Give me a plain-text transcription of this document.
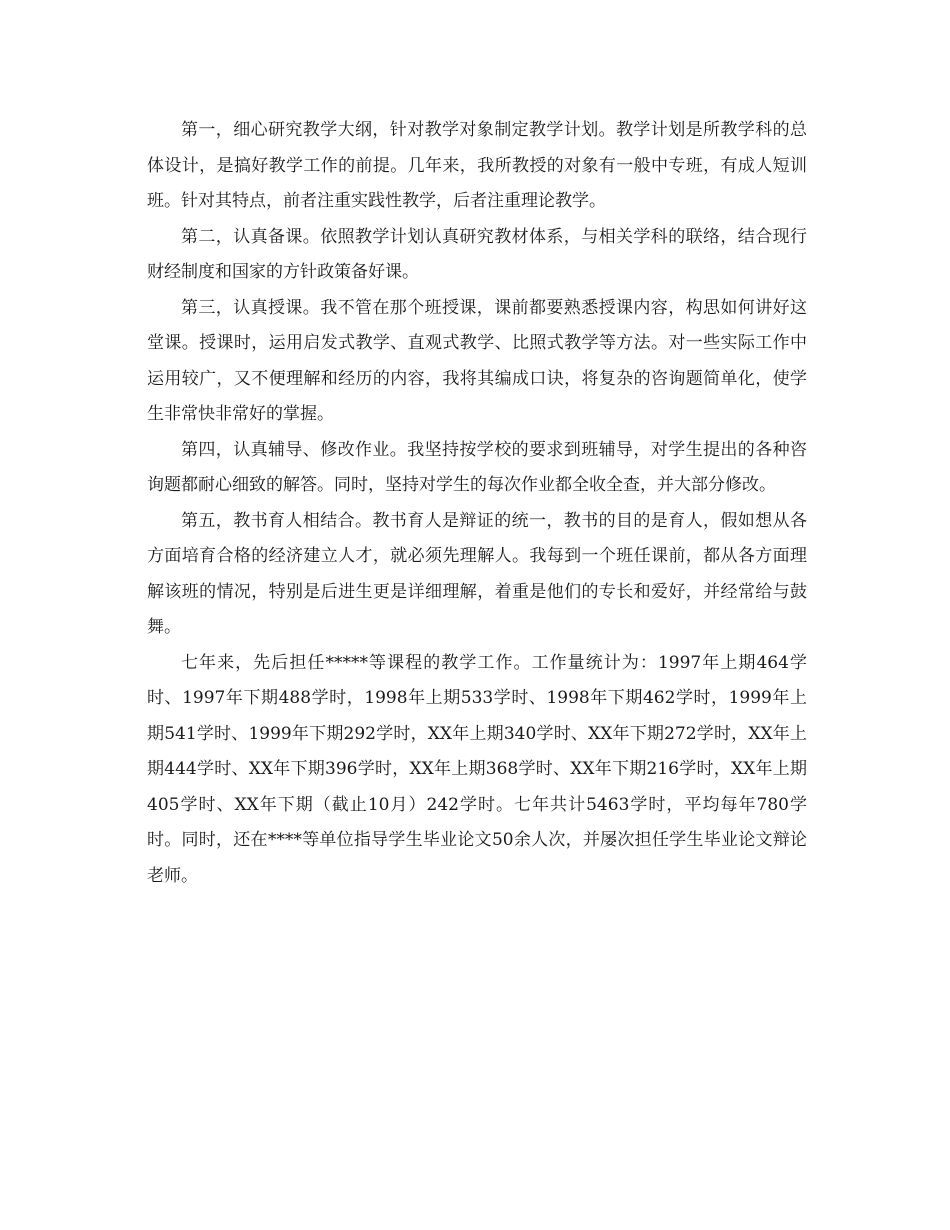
第一，细心研究教学大纲，针对教学对象制定教学计划。教学计划是所教学科的总体设计，是搞好教学工作的前提。几年来，我所教授的对象有一般中专班，有成人短训班。针对其特点，前者注重实践性教学，后者注重理论教学。

第二，认真备课。依照教学计划认真研究教材体系，与相关学科的联络，结合现行财经制度和国家的方针政策备好课。

第三，认真授课。我不管在那个班授课，课前都要熟悉授课内容，构思如何讲好这堂课。授课时，运用启发式教学、直观式教学、比照式教学等方法。对一些实际工作中运用较广，又不便理解和经历的内容，我将其编成口诀，将复杂的咨询题简单化，使学生非常快非常好的掌握。

第四，认真辅导、修改作业。我坚持按学校的要求到班辅导，对学生提出的各种咨询题都耐心细致的解答。同时，坚持对学生的每次作业都全收全查，并大部分修改。

第五，教书育人相结合。教书育人是辩证的统一，教书的目的是育人，假如想从各方面培育合格的经济建立人才，就必须先理解人。我每到一个班任课前，都从各方面理解该班的情况，特别是后进生更是详细理解，着重是他们的专长和爱好，并经常给与鼓舞。

七年来，先后担任*****等课程的教学工作。工作量统计为：1997年上期464学时、1997年下期488学时，1998年上期533学时、1998年下期462学时，1999年上期541学时、1999年下期292学时，XX年上期340学时、XX年下期272学时，XX年上期444学时、XX年下期396学时，XX年上期368学时、XX年下期216学时，XX年上期405学时、XX年下期（截止10月）242学时。七年共计5463学时，平均每年780学时。同时，还在****等单位指导学生毕业论文50余人次，并屡次担任学生毕业论文辩论老师。
